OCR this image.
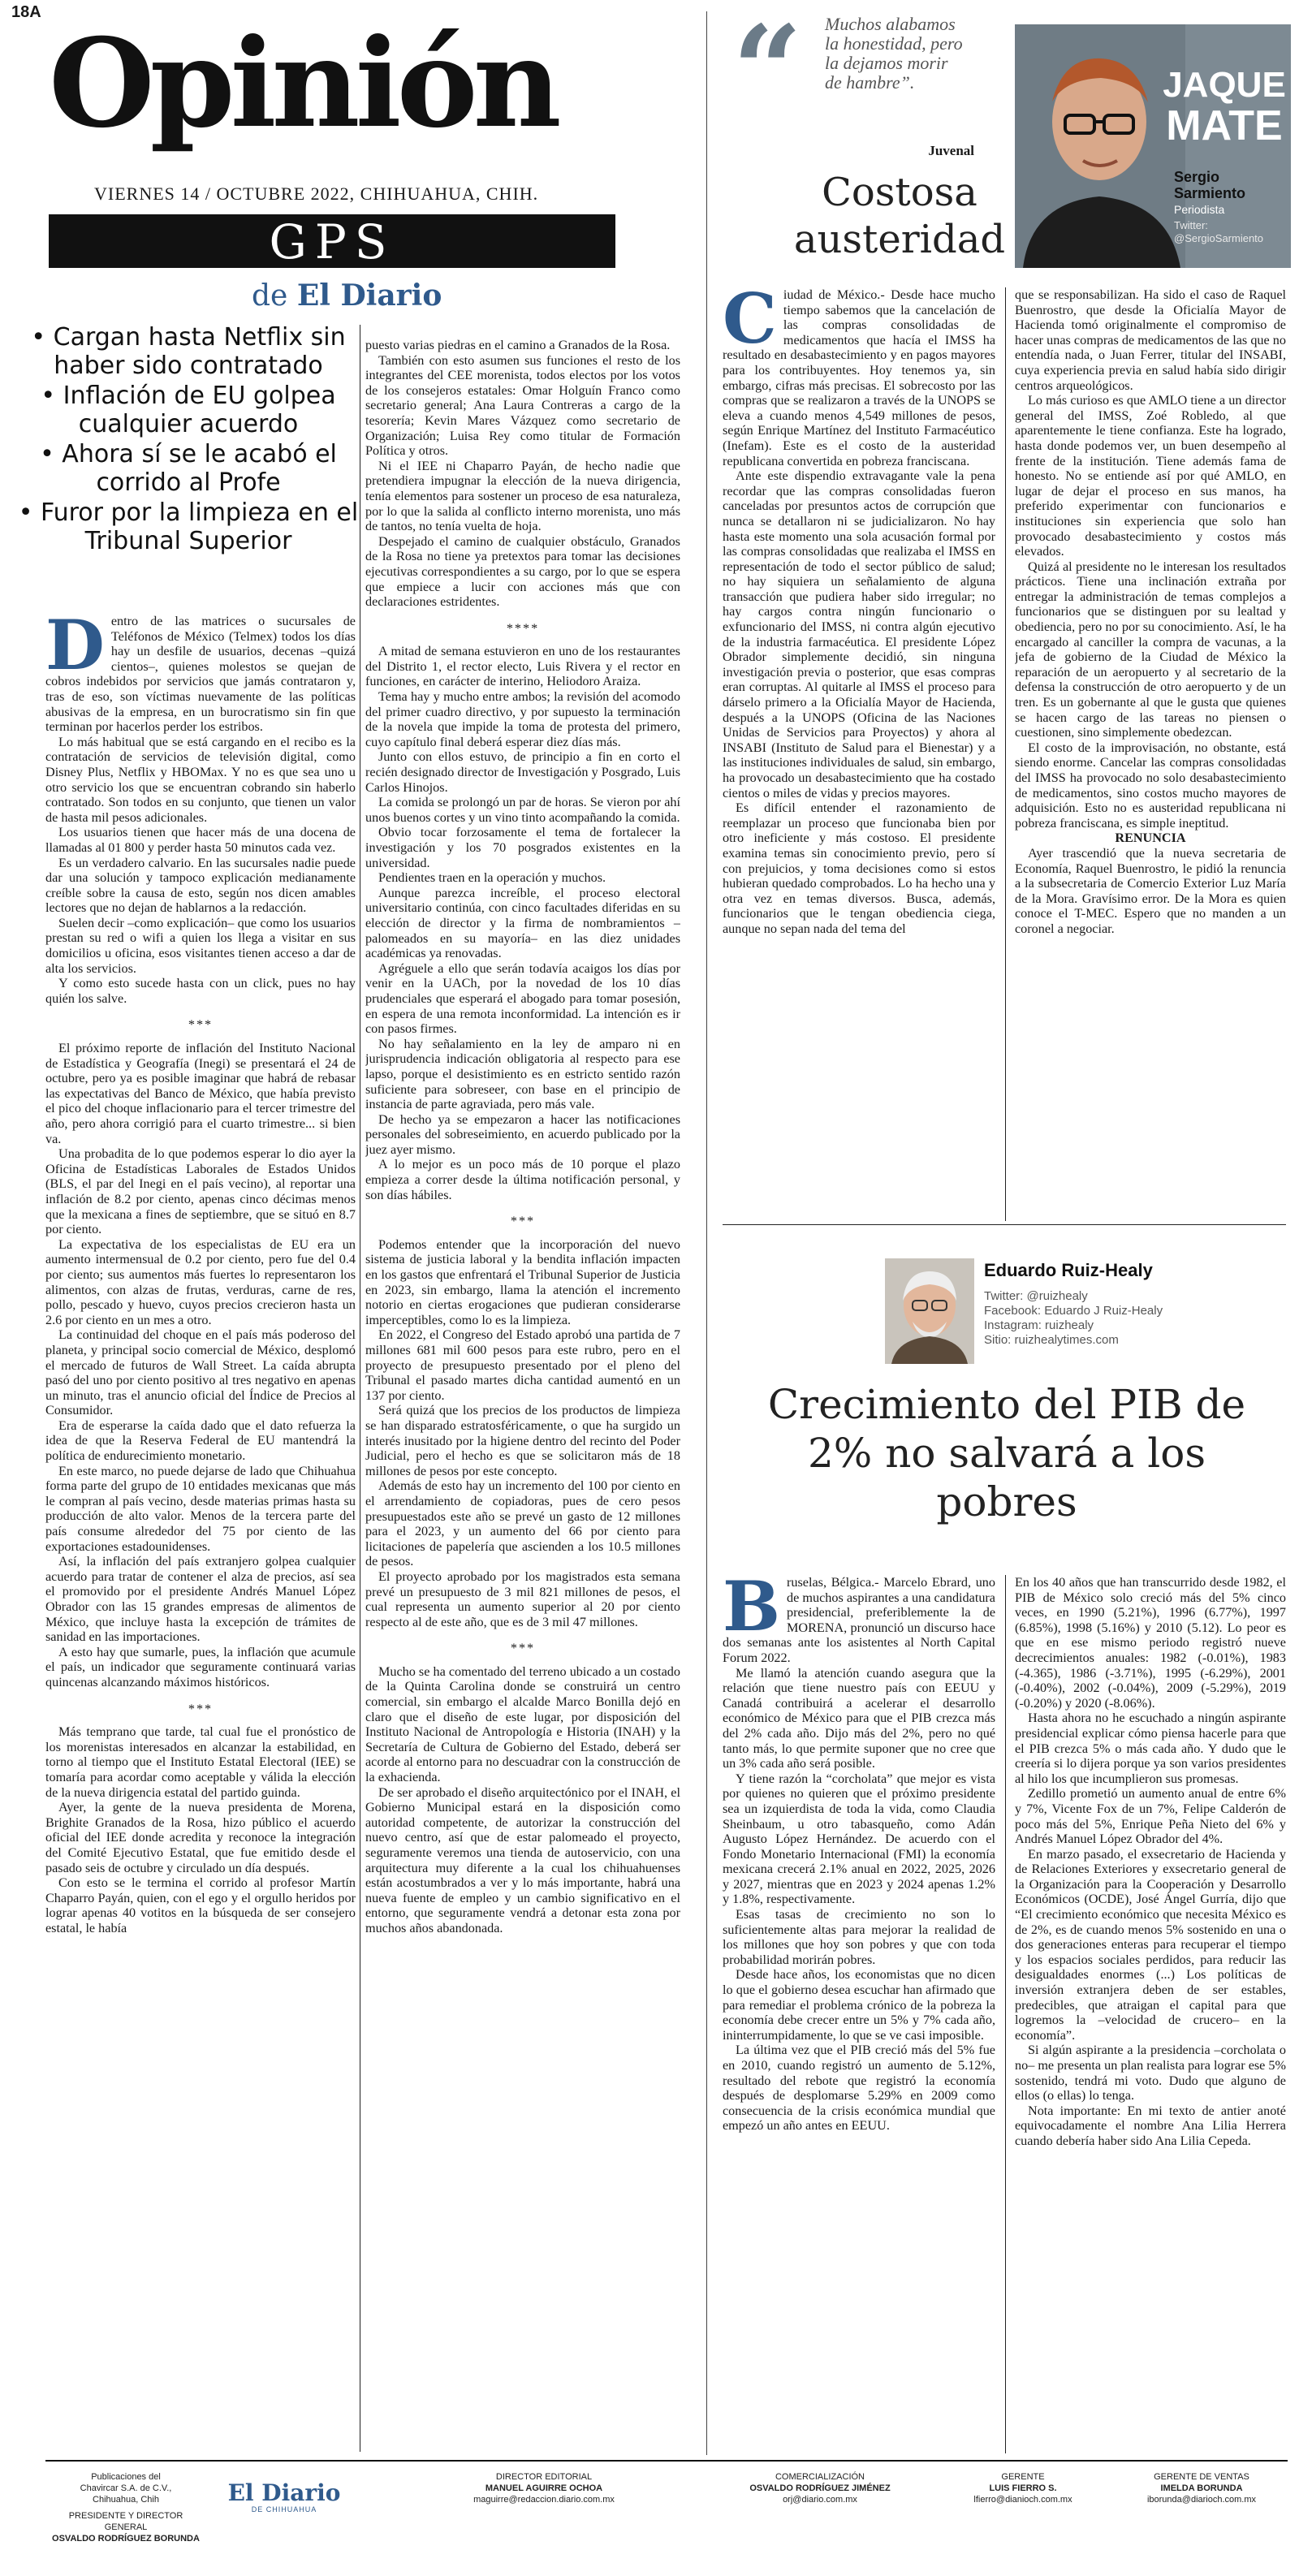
18A Opinión
VIERNES 14 / OCTUBRE 2022, CHIHUAHUA, CHIH.
GPS
de El Diario
• Cargan hasta Netflix sin haber sido contratado
• Inflación de EU golpea cualquier acuerdo
• Ahora sí se le acabó el corrido al Profe
• Furor por la limpieza en el Tribunal Superior
D entro de las matrices o sucursales de Teléfonos de México (Telmex) todos los días hay un desfile de usuarios, decenas –quizá cientos–, quienes molestos se quejan de cobros indebidos por servicios que jamás contrataron y, tras de eso, son víctimas nuevamente de las políticas abusivas de la empresa, en un burocratismo sin fin que terminan por hacerlos perder los estribos.

Lo más habitual que se está cargando en el recibo es la contratación de servicios de televisión digital, como Disney Plus, Netflix y HBOMax. Y no es que sea uno u otro servicio los que se encuentran cobrando sin haberlo contratado. Son todos en su conjunto, que tienen un valor de hasta mil pesos adicionales.

Los usuarios tienen que hacer más de una docena de llamadas al 01 800 y perder hasta 50 minutos cada vez.

Es un verdadero calvario. En las sucursales nadie puede dar una solución y tampoco explicación medianamente creíble sobre la causa de esto, según nos dicen amables lectores que no dejan de hablarnos a la redacción.

Suelen decir –como explicación– que como los usuarios prestan su red o wifi a quien los llega a visitar en sus domicilios u oficina, esos visitantes tienen acceso a dar de alta los servicios.

Y como esto sucede hasta con un click, pues no hay quién los salve.

***

El próximo reporte de inflación del Instituto Nacional de Estadística y Geografía (Inegi) se presentará el 24 de octubre, pero ya es posible imaginar que habrá de rebasar las expectativas del Banco de México, que había previsto el pico del choque inflacionario para el tercer trimestre del año, pero ahora corrigió para el cuarto trimestre... si bien va.

Una probadita de lo que podemos esperar lo dio ayer la Oficina de Estadísticas Laborales de Estados Unidos (BLS, el par del Inegi en el país vecino), al reportar una inflación de 8.2 por ciento, apenas cinco décimas menos que la mexicana a fines de septiembre, que se situó en 8.7 por ciento.

La expectativa de los especialistas de EU era un aumento intermensual de 0.2 por ciento, pero fue del 0.4 por ciento; sus aumentos más fuertes lo representaron los alimentos, con alzas de frutas, verduras, carne de res, pollo, pescado y huevo, cuyos precios crecieron hasta un 2.6 por ciento en un mes a otro.

La continuidad del choque en el país más poderoso del planeta, y principal socio comercial de México, desplomó el mercado de futuros de Wall Street. La caída abrupta pasó del uno por ciento positivo al tres negativo en apenas un minuto, tras el anuncio oficial del Índice de Precios al Consumidor.

Era de esperarse la caída dado que el dato refuerza la idea de que la Reserva Federal de EU mantendrá la política de endurecimiento monetario.

En este marco, no puede dejarse de lado que Chihuahua forma parte del grupo de 10 entidades mexicanas que más le compran al país vecino, desde materias primas hasta su producción de alto valor. Menos de la tercera parte del país consume alrededor del 75 por ciento de las exportaciones estadounidenses.

Así, la inflación del país extranjero golpea cualquier acuerdo para tratar de contener el alza de precios, así sea el promovido por el presidente Andrés Manuel López Obrador con las 15 grandes empresas de alimentos de México, que incluye hasta la excepción de trámites de sanidad en las importaciones.

A esto hay que sumarle, pues, la inflación que acumule el país, un indicador que seguramente continuará varias quincenas alcanzando máximos históricos.

***

Más temprano que tarde, tal cual fue el pronóstico de los morenistas interesados en alcanzar la estabilidad, en torno al tiempo que el Instituto Estatal Electoral (IEE) se tomaría para acordar como aceptable y válida la elección de la nueva dirigencia estatal del partido guinda.

Ayer, la gente de la nueva presidenta de Morena, Brighite Granados de la Rosa, hizo público el acuerdo oficial del IEE donde acredita y reconoce la integración del Comité Ejecutivo Estatal, que fue emitido desde el pasado seis de octubre y circulado un día después.

Con esto se le termina el corrido al profesor Martín Chaparro Payán, quien, con el ego y el orgullo heridos por lograr apenas 40 votitos en la búsqueda de ser consejero estatal, le había

puesto varias piedras en el camino a Granados de la Rosa.

También con esto asumen sus funciones el resto de los integrantes del CEE morenista, todos electos por los votos de los consejeros estatales: Omar Holguín Franco como secretario general; Ana Laura Contreras a cargo de la tesorería; Kevin Mares Vázquez como secretario de Organización; Luisa Rey como titular de Formación Política y otros.

Ni el IEE ni Chaparro Payán, de hecho nadie que pretendiera impugnar la elección de la nueva dirigencia, tenía elementos para sostener un proceso de esa naturaleza, por lo que la salida al conflicto interno morenista, uno más de tantos, no tenía vuelta de hoja.

Despejado el camino de cualquier obstáculo, Granados de la Rosa no tiene ya pretextos para tomar las decisiones ejecutivas correspondientes a su cargo, por lo que se espera que empiece a lucir con acciones más que con declaraciones estridentes.

****

A mitad de semana estuvieron en uno de los restaurantes del Distrito 1, el rector electo, Luis Rivera y el rector en funciones, en carácter de interino, Heliodoro Araiza.

Tema hay y mucho entre ambos; la revisión del acomodo del primer cuadro directivo, y por supuesto la terminación de la novela que impide la toma de protesta del primero, cuyo capítulo final deberá esperar diez días más.

Junto con ellos estuvo, de principio a fin en corto el recién designado director de Investigación y Posgrado, Luis Carlos Hinojos.

La comida se prolongó un par de horas. Se vieron por ahí unos buenos cortes y un vino tinto acompañando la comida.

Obvio tocar forzosamente el tema de fortalecer la investigación y los 70 posgrados existentes en la universidad.

Pendientes traen en la operación y muchos.

Aunque parezca increíble, el proceso electoral universitario continúa, con cinco facultades diferidas en su elección de director y la firma de nombramientos –palomeados en su mayoría– en las diez unidades académicas ya renovadas.

Agréguele a ello que serán todavía acaigos los días por venir en la UACh, por la novedad de los 10 días prudenciales que esperará el abogado para tomar posesión, en espera de una remota inconformidad. La intención es ir con pasos firmes.

No hay señalamiento en la ley de amparo ni en jurisprudencia indicación obligatoria al respecto para ese lapso, porque el desistimiento es en estricto sentido razón suficiente para sobreseer, con base en el principio de instancia de parte agraviada, pero más vale.

De hecho ya se empezaron a hacer las notificaciones personales del sobreseimiento, en acuerdo publicado por la juez ayer mismo.

A lo mejor es un poco más de 10 porque el plazo empieza a correr desde la última notificación personal, y son días hábiles.

***

Podemos entender que la incorporación del nuevo sistema de justicia laboral y la bendita inflación impacten en los gastos que enfrentará el Tribunal Superior de Justicia en 2023, sin embargo, llama la atención el incremento notorio en ciertas erogaciones que pudieran considerarse imperceptibles, como lo es la limpieza.

En 2022, el Congreso del Estado aprobó una partida de 7 millones 681 mil 600 pesos para este rubro, pero en el proyecto de presupuesto presentado por el pleno del Tribunal el pasado martes dicha cantidad aumentó en un 137 por ciento.

Será quizá que los precios de los productos de limpieza se han disparado estratosféricamente, o que ha surgido un interés inusitado por la higiene dentro del recinto del Poder Judicial, pero el hecho es que se solicitaron más de 18 millones de pesos por este concepto.

Además de esto hay un incremento del 100 por ciento en el arrendamiento de copiadoras, pues de cero pesos presupuestados este año se prevé un gasto de 12 millones para el 2023, y un aumento del 66 por ciento para licitaciones de papelería que ascienden a los 10.5 millones de pesos.

El proyecto aprobado por los magistrados esta semana prevé un presupuesto de 3 mil 821 millones de pesos, el cual representa un aumento superior al 20 por ciento respecto al de este año, que es de 3 mil 47 millones.

***

Mucho se ha comentado del terreno ubicado a un costado de la Quinta Carolina donde se construirá un centro comercial, sin embargo el alcalde Marco Bonilla dejó en claro que el diseño de este lugar, por disposición del Instituto Nacional de Antropología e Historia (INAH) y la Secretaría de Cultura de Gobierno del Estado, deberá ser acorde al entorno para no descuadrar con la construcción de la exhacienda.

De ser aprobado el diseño arquitectónico por el INAH, el Gobierno Municipal estará en la disposición como autoridad competente, de autorizar la construcción del nuevo centro, así que de estar palomeado el proyecto, seguramente veremos una tienda de autoservicio, con una arquitectura muy diferente a la cual los chihuahuenses están acostumbrados a ver y lo más importante, habrá una nueva fuente de empleo y un cambio significativo en el entorno, que seguramente vendrá a detonar esta zona por muchos años abandonada.

“ Muchos alabamos la honestidad, pero la dejamos morir de hambre”.
Juvenal
Costosa austeridad
JAQUE
MATE
Sergio
Sarmiento
Periodista
Twitter:
@SergioSarmiento
C iudad de México.- Desde hace mucho tiempo sabemos que la cancelación de las compras consolidadas de medicamentos que hacía el IMSS ha resultado en desabastecimiento y en pagos mayores para los contribuyentes. Hoy tenemos ya, sin embargo, cifras más precisas. El sobrecosto por las compras que se realizaron a través de la UNOPS se eleva a cuando menos 4,549 millones de pesos, según Enrique Martínez del Instituto Farmacéutico (Inefam). Este es el costo de la austeridad republicana convertida en pobreza franciscana.

Ante este dispendio extravagante vale la pena recordar que las compras consolidadas fueron canceladas por presuntos actos de corrupción que nunca se detallaron ni se judicializaron. No hay hasta este momento una sola acusación formal por las compras consolidadas que realizaba el IMSS en representación de todo el sector público de salud; no hay siquiera un señalamiento de alguna transacción que pudiera haber sido irregular; no hay cargos contra ningún funcionario o exfuncionario del IMSS, ni contra algún ejecutivo de la industria farmacéutica. El presidente López Obrador simplemente decidió, sin ninguna investigación previa o posterior, que esas compras eran corruptas. Al quitarle al IMSS el proceso para dárselo primero a la Oficialía Mayor de Hacienda, después a la UNOPS (Oficina de las Naciones Unidas de Servicios para Proyectos) y ahora al INSABI (Instituto de Salud para el Bienestar) y a las instituciones individuales de salud, sin embargo, ha provocado un desabastecimiento que ha costado cientos o miles de vidas y precios mayores.

Es difícil entender el razonamiento de reemplazar un proceso que funcionaba bien por otro ineficiente y más costoso. El presidente examina temas sin conocimiento previo, pero sí con prejuicios, y toma decisiones como si estos hubieran quedado comprobados. Lo ha hecho una y otra vez en temas diversos. Busca, además, funcionarios que le tengan obediencia ciega, aunque no sepan nada del tema del

que se responsabilizan. Ha sido el caso de Raquel Buenrostro, que desde la Oficialía Mayor de Hacienda tomó originalmente el compromiso de hacer unas compras de medicamentos de las que no entendía nada, o Juan Ferrer, titular del INSABI, cuya experiencia previa en salud había sido dirigir centros arqueológicos.

Lo más curioso es que AMLO tiene a un director general del IMSS, Zoé Robledo, al que aparentemente le tiene confianza. Este ha logrado, hasta donde podemos ver, un buen desempeño al frente de la institución. Tiene además fama de honesto. No se entiende así por qué AMLO, en lugar de dejar el proceso en sus manos, ha preferido experimentar con funcionarios e instituciones sin experiencia que solo han provocado desabastecimiento y costos más elevados.

Quizá al presidente no le interesan los resultados prácticos. Tiene una inclinación extraña por entregar la administración de temas complejos a funcionarios que se distinguen por su lealtad y obediencia, pero no por su conocimiento. Así, le ha encargado al canciller la compra de vacunas, a la jefa de gobierno de la Ciudad de México la reparación de un aeropuerto y al secretario de la defensa la construcción de otro aeropuerto y de un tren. Es un gobernante al que le gusta que quienes se hacen cargo de las tareas no piensen o cuestionen, sino simplemente obedezcan.

El costo de la improvisación, no obstante, está siendo enorme. Cancelar las compras consolidadas del IMSS ha provocado no solo desabastecimiento de medicamentos, sino costos mucho mayores de adquisición. Esto no es austeridad republicana ni pobreza franciscana, es simple ineptitud.

RENUNCIA

Ayer trascendió que la nueva secretaria de Economía, Raquel Buenrostro, le pidió la renuncia a la subsecretaria de Comercio Exterior Luz María de la Mora. Gravísimo error. De la Mora es quien conoce el T-MEC. Espero que no manden a un coronel a negociar.

Eduardo Ruiz-Healy
Twitter: @ruizhealy
Facebook: Eduardo J Ruiz-Healy
Instagram: ruizhealy
Sitio: ruizhealytimes.com
Crecimiento del PIB de 2% no salvará a los pobres
B ruselas, Bélgica.- Marcelo Ebrard, uno de muchos aspirantes a una candidatura presidencial, preferiblemente la de MORENA, pronunció un discurso hace dos semanas ante los asistentes al North Capital Forum 2022.

Me llamó la atención cuando asegura que la relación que tiene nuestro país con EEUU y Canadá contribuirá a acelerar el desarrollo económico de México para que el PIB crezca más del 2% cada año. Dijo más del 2%, pero no qué tanto más, lo que permite suponer que no cree que un 3% cada año será posible.

Y tiene razón la “corcholata” que mejor es vista por quienes no quieren que el próximo presidente sea un izquierdista de toda la vida, como Claudia Sheinbaum, u otro tabasqueño, como Adán Augusto López Hernández. De acuerdo con el Fondo Monetario Internacional (FMI) la economía mexicana crecerá 2.1% anual en 2022, 2025, 2026 y 2027, mientras que en 2023 y 2024 apenas 1.2% y 1.8%, respectivamente.

Esas tasas de crecimiento no son lo suficientemente altas para mejorar la realidad de los millones que hoy son pobres y que con toda probabilidad morirán pobres.

Desde hace años, los economistas que no dicen lo que el gobierno desea escuchar han afirmado que para remediar el problema crónico de la pobreza la economía debe crecer entre un 5% y 7% cada año, ininterrumpidamente, lo que se ve casi imposible.

La última vez que el PIB creció más del 5% fue en 2010, cuando registró un aumento de 5.12%, resultado del rebote que registró la economía después de desplomarse 5.29% en 2009 como consecuencia de la crisis económica mundial que empezó un año antes en EEUU.

En los 40 años que han transcurrido desde 1982, el PIB de México solo creció más del 5% cinco veces, en 1990 (5.21%), 1996 (6.77%), 1997 (6.85%), 1998 (5.16%) y 2010 (5.12). Lo peor es que en ese mismo periodo registró nueve decrecimientos anuales: 1982 (-0.01%), 1983 (-4.365), 1986 (-3.71%), 1995 (-6.29%), 2001 (-0.40%), 2002 (-0.04%), 2009 (-5.29%), 2019 (-0.20%) y 2020 (-8.06%).

Hasta ahora no he escuchado a ningún aspirante presidencial explicar cómo piensa hacerle para que el PIB crezca 5% o más cada año. Y dudo que le creería si lo dijera porque ya son varios presidentes al hilo los que incumplieron sus promesas.

Zedillo prometió un aumento anual de entre 6% y 7%, Vicente Fox de un 7%, Felipe Calderón de poco más del 5%, Enrique Peña Nieto del 6% y Andrés Manuel López Obrador del 4%.

En marzo pasado, el exsecretario de Hacienda y de Relaciones Exteriores y exsecretario general de la Organización para la Cooperación y Desarrollo Económicos (OCDE), José Ángel Gurría, dijo que “El crecimiento económico que necesita México es de 2%, es de cuando menos 5% sostenido en una o dos generaciones enteras para recuperar el tiempo y los espacios sociales perdidos, para reducir las desigualdades enormes (...) Los políticas de inversión extranjera deben de ser estables, predecibles, que atraigan el capital para que logremos la –velocidad de crucero– en la economía”.

Si algún aspirante a la presidencia –corcholata o no– me presenta un plan realista para lograr ese 5% sostenido, tendrá mi voto. Dudo que alguno de ellos (o ellas) lo tenga.

Nota importante: En mi texto de antier anoté equivocadamente el nombre Ana Lilia Herrera cuando debería haber sido Ana Lilia Cepeda.

Publicaciones del
Chavircar S.A. de C.V.,
Chihuahua, Chih
PRESIDENTE Y DIRECTOR GENERAL
OSVALDO RODRÍGUEZ BORUNDA
El Diario
DE CHIHUAHUA
DIRECTOR EDITORIAL
MANUEL AGUIRRE OCHOA
maguirre@redaccion.diario.com.mx
COMERCIALIZACIÓN
OSVALDO RODRÍGUEZ JIMÉNEZ
orj@diario.com.mx
GERENTE
LUIS FIERRO S.
lfierro@dianioch.com.mx
GERENTE DE VENTAS
IMELDA BORUNDA
iborunda@diarioch.com.mx
